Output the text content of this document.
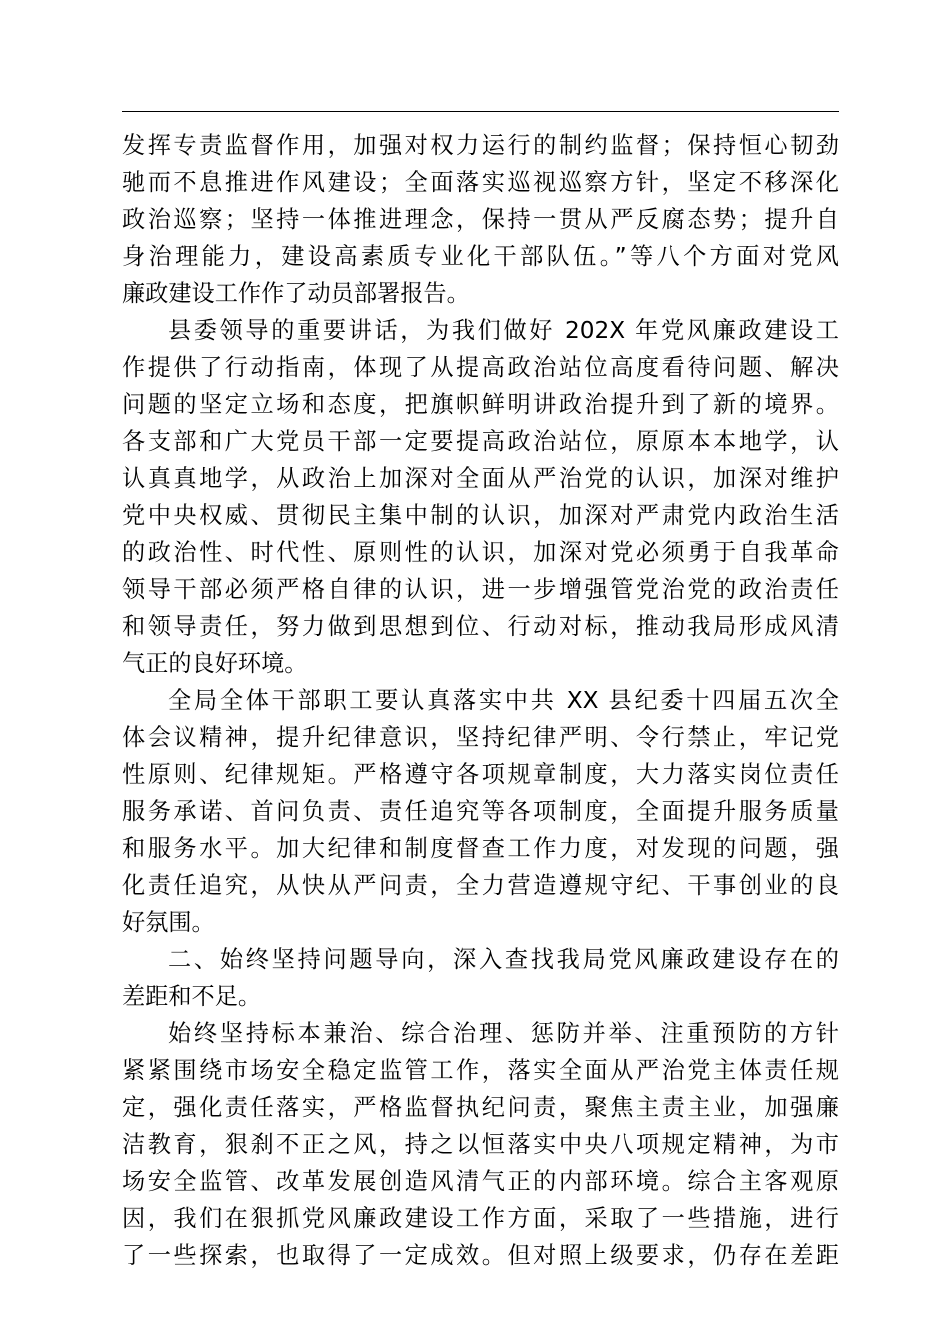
发挥专责监督作用，加强对权力运行的制约监督；保持恒心韧劲
驰而不息推进作风建设；全面落实巡视巡察方针，坚定不移深化
政治巡察；坚持一体推进理念，保持一贯从严反腐态势；提升自
身治理能力，建设高素质专业化干部队伍。”等八个方面对党风
廉政建设工作作了动员部署报告。
县委领导的重要讲话，为我们做好 202X 年党风廉政建设工
作提供了行动指南，体现了从提高政治站位高度看待问题、解决
问题的坚定立场和态度，把旗帜鲜明讲政治提升到了新的境界。
各支部和广大党员干部一定要提高政治站位，原原本本地学，认
认真真地学，从政治上加深对全面从严治党的认识，加深对维护
党中央权威、贯彻民主集中制的认识，加深对严肃党内政治生活
的政治性、时代性、原则性的认识，加深对党必须勇于自我革命
领导干部必须严格自律的认识，进一步增强管党治党的政治责任
和领导责任，努力做到思想到位、行动对标，推动我局形成风清
气正的良好环境。
全局全体干部职工要认真落实中共 XX 县纪委十四届五次全
体会议精神，提升纪律意识，坚持纪律严明、令行禁止，牢记党
性原则、纪律规矩。严格遵守各项规章制度，大力落实岗位责任
服务承诺、首问负责、责任追究等各项制度，全面提升服务质量
和服务水平。加大纪律和制度督查工作力度，对发现的问题，强
化责任追究，从快从严问责，全力营造遵规守纪、干事创业的良
好氛围。
二、始终坚持问题导向，深入查找我局党风廉政建设存在的
差距和不足。
始终坚持标本兼治、综合治理、惩防并举、注重预防的方针
紧紧围绕市场安全稳定监管工作，落实全面从严治党主体责任规
定，强化责任落实，严格监督执纪问责，聚焦主责主业，加强廉
洁教育，狠刹不正之风，持之以恒落实中央八项规定精神，为市
场安全监管、改革发展创造风清气正的内部环境。综合主客观原
因，我们在狠抓党风廉政建设工作方面，采取了一些措施，进行
了一些探索，也取得了一定成效。但对照上级要求，仍存在差距
